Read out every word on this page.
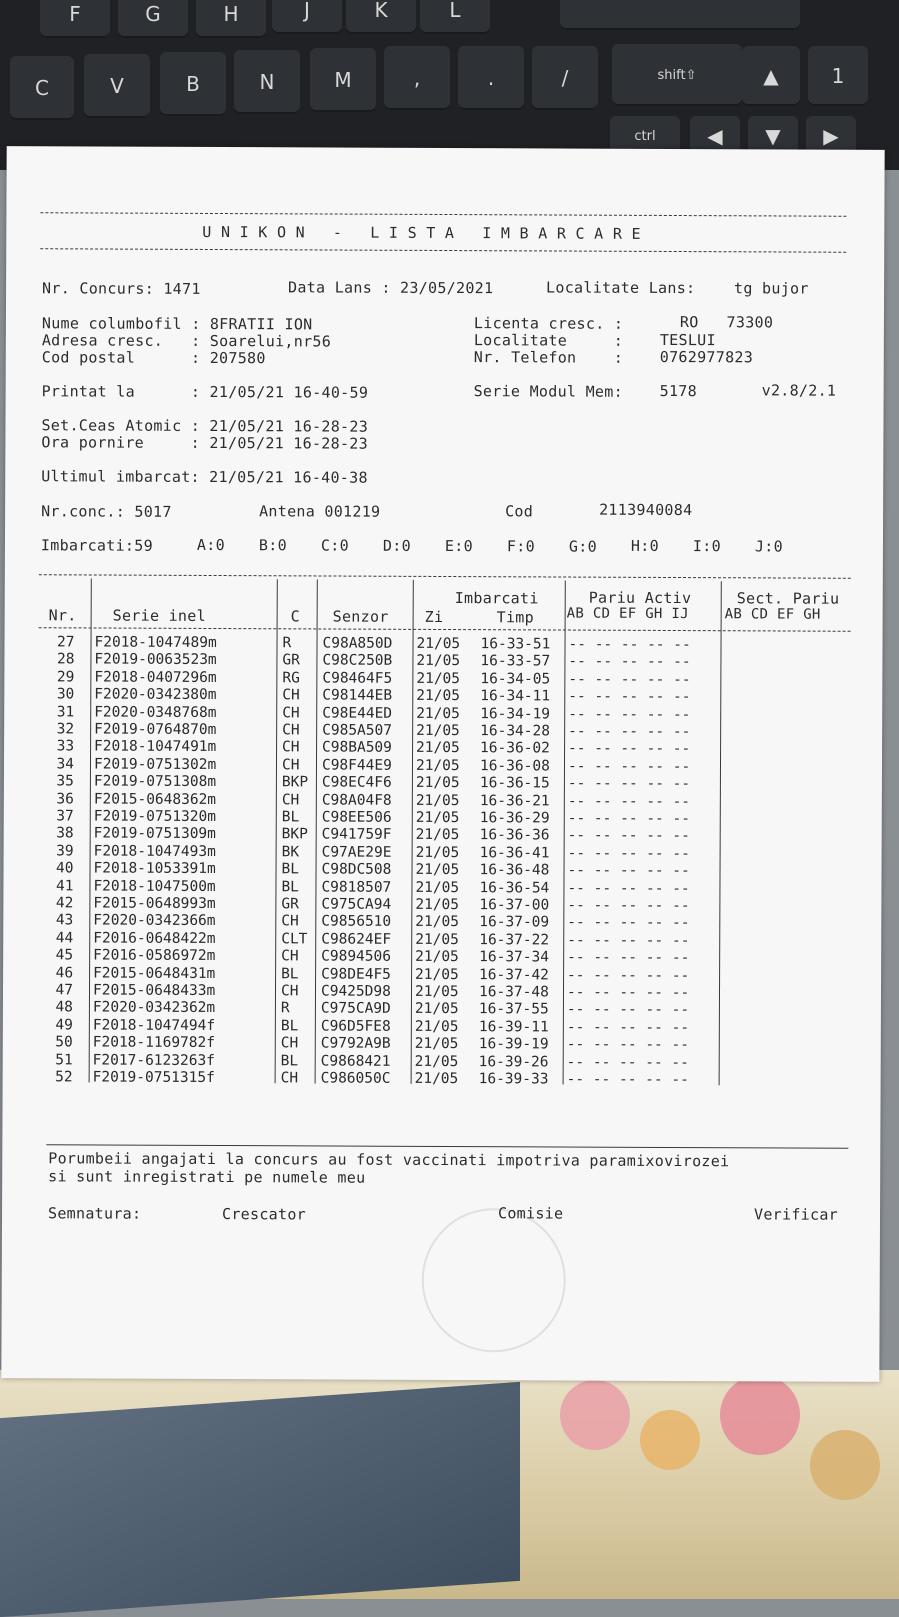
F	G	H	J	K	L
C	V	B	N	M	,	.	/	shift⇧	▲	1
ctrl	◀	▼	▶
U N I K O N   -   L I S T A   I M B A R C A R E
Nr. Concurs: 1471	Data Lans : 23/05/2021	Localitate Lans:	tg bujor
Nume columbofil : 8FRATII ION
Adresa cresc.   : Soarelui,nr56
Cod postal      : 207580
Licenta cresc. :	RO   73300
Localitate     : TESLUI
Nr. Telefon    : 0762977823
Printat la      : 21/05/21 16-40-59	Serie Modul Mem: 5178	v2.8/2.1
Set.Ceas Atomic : 21/05/21 16-28-23
Ora pornire     : 21/05/21 16-28-23
Ultimul imbarcat: 21/05/21 16-40-38
Nr.conc.: 5017	Antena 001219	Cod	2113940084
Imbarcati:59	A:0 B:0 C:0 D:0 E:0 F:0 G:0 H:0 I:0 J:0
Nr. Serie inel	C Senzor
Imbarcati
Zi	Timp
Pariu Activ
AB CD EF GH IJ
Sect. Pariu
AB CD EF GH
27 F2018-1047489m	R C98A850D 21/05 16-33-51 -- -- -- -- --
28 F2019-0063523m	GR C98C250B 21/05 16-33-57 -- -- -- -- --
29 F2018-0407296m	RG C98464F5 21/05 16-34-05 -- -- -- -- --
30 F2020-0342380m	CH C98144EB 21/05 16-34-11 -- -- -- -- --
31 F2020-0348768m	CH C98E44ED 21/05 16-34-19 -- -- -- -- --
32 F2019-0764870m	CH C985A507 21/05 16-34-28 -- -- -- -- --
33 F2018-1047491m	CH C98BA509 21/05 16-36-02 -- -- -- -- --
34 F2019-0751302m	CH C98F44E9 21/05 16-36-08 -- -- -- -- --
35 F2019-0751308m	BKP C98EC4F6 21/05 16-36-15 -- -- -- -- --
36 F2015-0648362m	CH C98A04F8 21/05 16-36-21 -- -- -- -- --
37 F2019-0751320m	BL C98EE506 21/05 16-36-29 -- -- -- -- --
38 F2019-0751309m	BKP C941759F 21/05 16-36-36 -- -- -- -- --
39 F2018-1047493m	BK C97AE29E 21/05 16-36-41 -- -- -- -- --
40 F2018-1053391m	BL C98DC508 21/05 16-36-48 -- -- -- -- --
41 F2018-1047500m	BL C9818507 21/05 16-36-54 -- -- -- -- --
42 F2015-0648993m	GR C975CA94 21/05 16-37-00 -- -- -- -- --
43 F2020-0342366m	CH C9856510 21/05 16-37-09 -- -- -- -- --
44 F2016-0648422m	CLT C98624EF 21/05 16-37-22 -- -- -- -- --
45 F2016-0586972m	CH C9894506 21/05 16-37-34 -- -- -- -- --
46 F2015-0648431m	BL C98DE4F5 21/05 16-37-42 -- -- -- -- --
47 F2015-0648433m	CH C9425D98 21/05 16-37-48 -- -- -- -- --
48 F2020-0342362m	R C975CA9D 21/05 16-37-55 -- -- -- -- --
49 F2018-1047494f	BL C96D5FE8 21/05 16-39-11 -- -- -- -- --
50 F2018-1169782f	CH C9792A9B 21/05 16-39-19 -- -- -- -- --
51 F2017-6123263f	BL C9868421 21/05 16-39-26 -- -- -- -- --
52 F2019-0751315f	CH C986050C 21/05 16-39-33 -- -- -- -- --
Porumbeii angajati la concurs au fost vaccinati impotriva paramixovirozei
si sunt inregistrati pe numele meu
Semnatura:	Crescator	Comisie	Verificar
